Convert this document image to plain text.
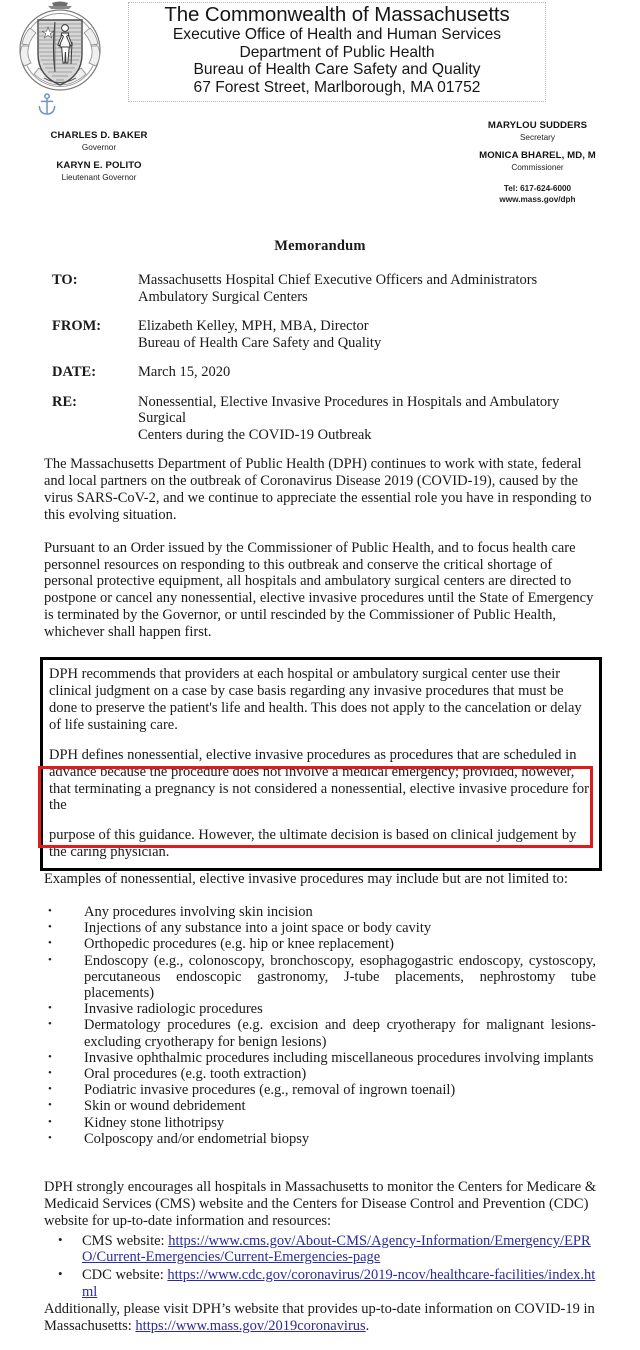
The Commonwealth of Massachusetts
Executive Office of Health and Human Services
Department of Public Health
Bureau of Health Care Safety and Quality
67 Forest Street, Marlborough, MA 01752
CHARLES D. BAKER
Governor
KARYN E. POLITO
Lieutenant Governor
MARYLOU SUDDERS
Secretary
MONICA BHAREL, MD, M
Commissioner
Tel: 617-624-6000
www.mass.gov/dph
Memorandum
TO:	Massachusetts Hospital Chief Executive Officers and Administrators
Ambulatory Surgical Centers
FROM:	Elizabeth Kelley, MPH, MBA, Director
Bureau of Health Care Safety and Quality
DATE:	March 15, 2020
RE:	Nonessential, Elective Invasive Procedures in Hospitals and Ambulatory Surgical
Centers during the COVID-19 Outbreak

The Massachusetts Department of Public Health (DPH) continues to work with state, federal and local partners on the outbreak of Coronavirus Disease 2019 (COVID-19), caused by the virus SARS-CoV-2, and we continue to appreciate the essential role you have in responding to this evolving situation.

Pursuant to an Order issued by the Commissioner of Public Health, and to focus health care personnel resources on responding to this outbreak and conserve the critical shortage of personal protective equipment, all hospitals and ambulatory surgical centers are directed to postpone or cancel any nonessential, elective invasive procedures until the State of Emergency is terminated by the Governor, or until rescinded by the Commissioner of Public Health, whichever shall happen first.

DPH recommends that providers at each hospital or ambulatory surgical center use their clinical judgment on a case by case basis regarding any invasive procedures that must be done to preserve the patient's life and health. This does not apply to the cancelation or delay of life sustaining care.

DPH defines nonessential, elective invasive procedures as procedures that are scheduled in advance because the procedure does not involve a medical emergency; provided, however, that terminating a pregnancy is not considered a nonessential, elective invasive procedure for the

purpose of this guidance. However, the ultimate decision is based on clinical judgement by the caring physician.

Examples of nonessential, elective invasive procedures may include but are not limited to:

• Any procedures involving skin incision
• Injections of any substance into a joint space or body cavity
• Orthopedic procedures (e.g. hip or knee replacement)
• Endoscopy (e.g., colonoscopy, bronchoscopy, esophagogastric endoscopy, cystoscopy, percutaneous endoscopic gastronomy, J-tube placements, nephrostomy tube placements)
• Invasive radiologic procedures
• Dermatology procedures (e.g. excision and deep cryotherapy for malignant lesions-excluding cryotherapy for benign lesions)
• Invasive ophthalmic procedures including miscellaneous procedures involving implants
• Oral procedures (e.g. tooth extraction)
• Podiatric invasive procedures (e.g., removal of ingrown toenail)
• Skin or wound debridement
• Kidney stone lithotripsy
• Colposcopy and/or endometrial biopsy

DPH strongly encourages all hospitals in Massachusetts to monitor the Centers for Medicare & Medicaid Services (CMS) website and the Centers for Disease Control and Prevention (CDC) website for up-to-date information and resources:

• CMS website: https://www.cms.gov/About-CMS/Agency-Information/Emergency/EPRO/Current-Emergencies/Current-Emergencies-page
• CDC website: https://www.cdc.gov/coronavirus/2019-ncov/healthcare-facilities/index.html

Additionally, please visit DPH’s website that provides up-to-date information on COVID-19 in Massachusetts: https://www.mass.gov/2019coronavirus.
